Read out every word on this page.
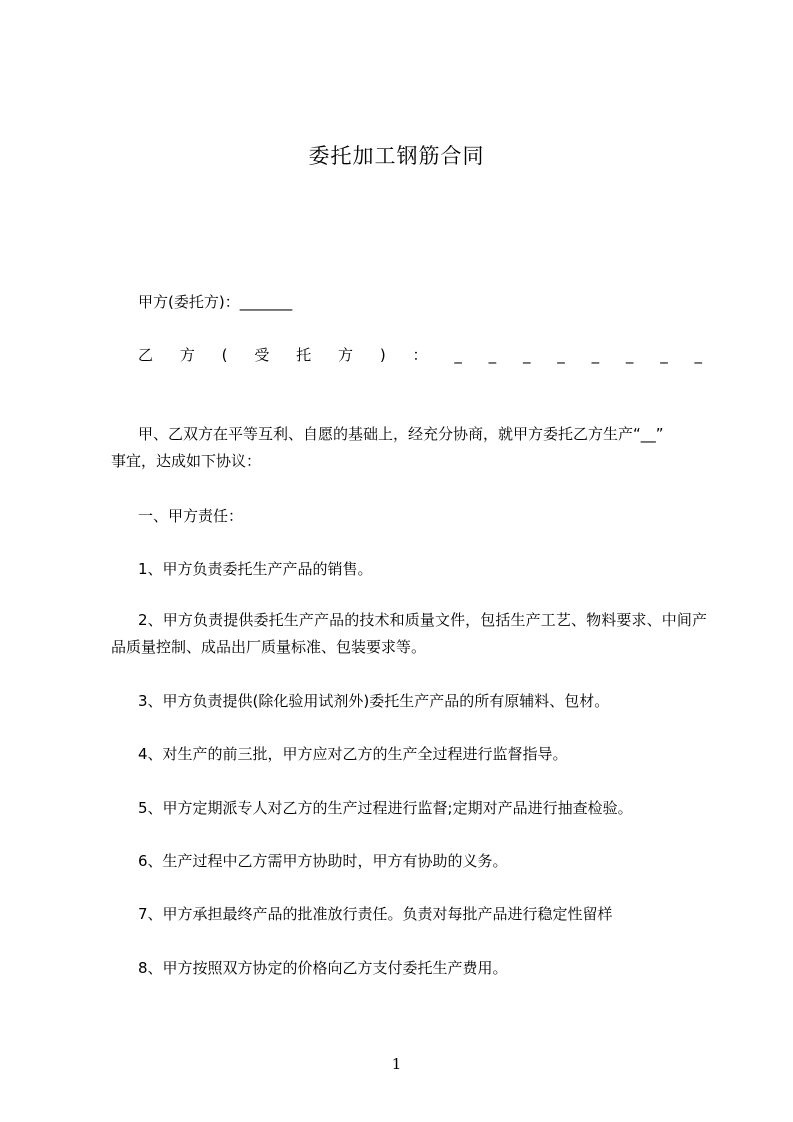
委托加工钢筋合同
甲方(委托方)：_______
乙 方 ( 受 托 方 ) ： _ _ _ _ _ _ _ _
甲、乙双方在平等互利、自愿的基础上，经充分协商，就甲方委托乙方生产“__”
事宜，达成如下协议：
一、甲方责任：
1、甲方负责委托生产产品的销售。
2、甲方负责提供委托生产产品的技术和质量文件，包括生产工艺、物料要求、中间产品质量控制、成品出厂质量标准、包装要求等。
3、甲方负责提供(除化验用试剂外)委托生产产品的所有原辅料、包材。
4、对生产的前三批，甲方应对乙方的生产全过程进行监督指导。
5、甲方定期派专人对乙方的生产过程进行监督;定期对产品进行抽查检验。
6、生产过程中乙方需甲方协助时，甲方有协助的义务。
7、甲方承担最终产品的批准放行责任。负责对每批产品进行稳定性留样
8、甲方按照双方协定的价格向乙方支付委托生产费用。
1
